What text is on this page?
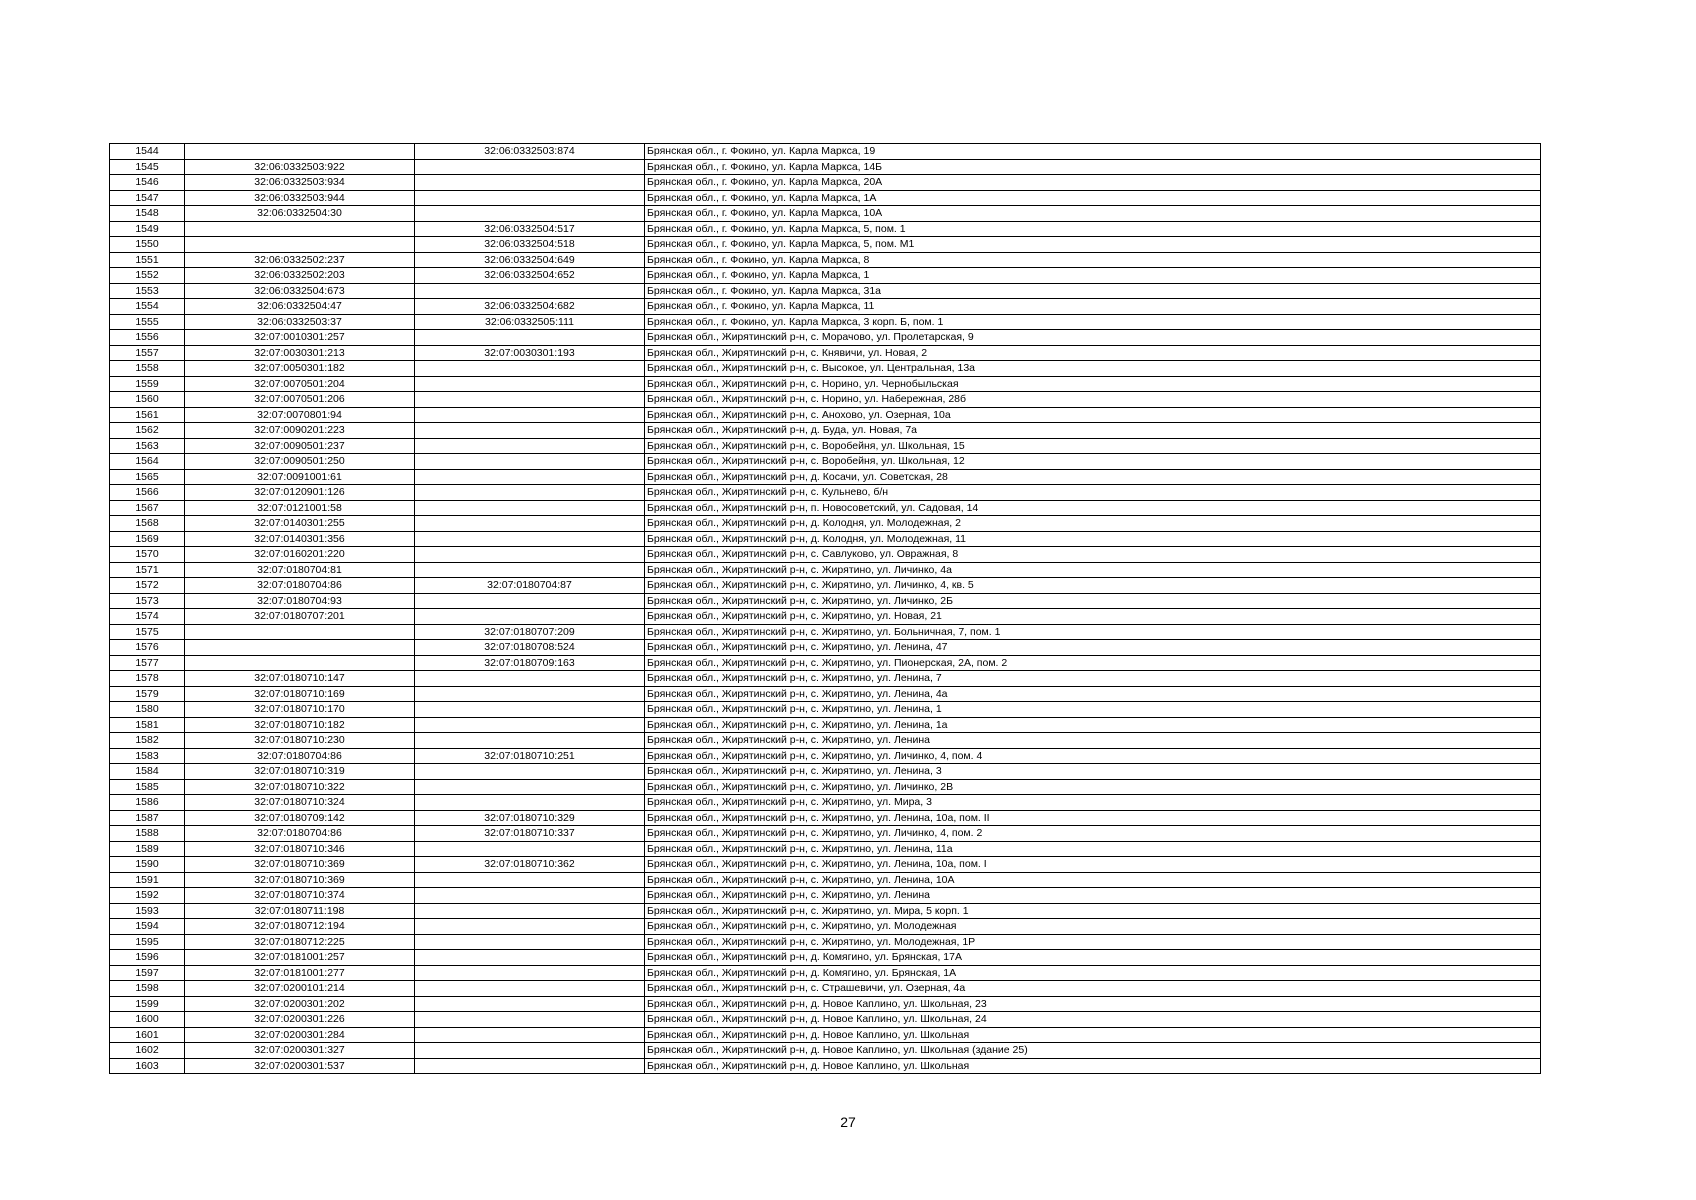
1544		32:06:0332503:874	Брянская обл., г. Фокино, ул. Карла Маркса, 19
1545	32:06:0332503:922		Брянская обл., г. Фокино, ул. Карла Маркса, 14Б
1546	32:06:0332503:934		Брянская обл., г. Фокино, ул. Карла Маркса, 20А
1547	32:06:0332503:944		Брянская обл., г. Фокино, ул. Карла Маркса, 1А
1548	32:06:0332504:30		Брянская обл., г. Фокино, ул. Карла Маркса, 10А
1549		32:06:0332504:517	Брянская обл., г. Фокино, ул. Карла Маркса, 5, пом. 1
1550		32:06:0332504:518	Брянская обл., г. Фокино, ул. Карла Маркса, 5, пом. М1
1551	32:06:0332502:237	32:06:0332504:649	Брянская обл., г. Фокино, ул. Карла Маркса, 8
1552	32:06:0332502:203	32:06:0332504:652	Брянская обл., г. Фокино, ул. Карла Маркса, 1
1553	32:06:0332504:673		Брянская обл., г. Фокино, ул. Карла Маркса, 31а
1554	32:06:0332504:47	32:06:0332504:682	Брянская обл., г. Фокино, ул. Карла Маркса, 11
1555	32:06:0332503:37	32:06:0332505:111	Брянская обл., г. Фокино, ул. Карла Маркса, 3 корп. Б, пом. 1
1556	32:07:0010301:257		Брянская обл., Жирятинский р-н, с. Морачово, ул. Пролетарская, 9
1557	32:07:0030301:213	32:07:0030301:193	Брянская обл., Жирятинский р-н, с. Княвичи, ул. Новая, 2
1558	32:07:0050301:182		Брянская обл., Жирятинский р-н, с. Высокое, ул. Центральная, 13а
1559	32:07:0070501:204		Брянская обл., Жирятинский р-н, с. Норино, ул. Чернобыльская
1560	32:07:0070501:206		Брянская обл., Жирятинский р-н, с. Норино, ул. Набережная, 28б
1561	32:07:0070801:94		Брянская обл., Жирятинский р-н, с. Анохово, ул. Озерная, 10а
1562	32:07:0090201:223		Брянская обл., Жирятинский р-н, д. Буда, ул. Новая, 7а
1563	32:07:0090501:237		Брянская обл., Жирятинский р-н, с. Воробейня, ул. Школьная, 15
1564	32:07:0090501:250		Брянская обл., Жирятинский р-н, с. Воробейня, ул. Школьная, 12
1565	32:07:0091001:61		Брянская обл., Жирятинский р-н, д. Косачи, ул. Советская, 28
1566	32:07:0120901:126		Брянская обл., Жирятинский р-н, с. Кульнево, б/н
1567	32:07:0121001:58		Брянская обл., Жирятинский р-н, п. Новосоветский, ул. Садовая, 14
1568	32:07:0140301:255		Брянская обл., Жирятинский р-н, д. Колодня, ул. Молодежная, 2
1569	32:07:0140301:356		Брянская обл., Жирятинский р-н, д. Колодня, ул. Молодежная, 11
1570	32:07:0160201:220		Брянская обл., Жирятинский р-н, с. Савлуково, ул. Овражная, 8
1571	32:07:0180704:81		Брянская обл., Жирятинский р-н, с. Жирятино, ул. Личинко, 4а
1572	32:07:0180704:86	32:07:0180704:87	Брянская обл., Жирятинский р-н, с. Жирятино, ул. Личинко, 4, кв. 5
1573	32:07:0180704:93		Брянская обл., Жирятинский р-н, с. Жирятино, ул. Личинко, 2Б
1574	32:07:0180707:201		Брянская обл., Жирятинский р-н, с. Жирятино, ул. Новая, 21
1575		32:07:0180707:209	Брянская обл., Жирятинский р-н, с. Жирятино, ул. Больничная, 7, пом. 1
1576		32:07:0180708:524	Брянская обл., Жирятинский р-н, с. Жирятино, ул. Ленина, 47
1577		32:07:0180709:163	Брянская обл., Жирятинский р-н, с. Жирятино, ул. Пионерская, 2А, пом. 2
1578	32:07:0180710:147		Брянская обл., Жирятинский р-н, с. Жирятино, ул. Ленина, 7
1579	32:07:0180710:169		Брянская обл., Жирятинский р-н, с. Жирятино, ул. Ленина, 4а
1580	32:07:0180710:170		Брянская обл., Жирятинский р-н, с. Жирятино, ул. Ленина, 1
1581	32:07:0180710:182		Брянская обл., Жирятинский р-н, с. Жирятино, ул. Ленина, 1а
1582	32:07:0180710:230		Брянская обл., Жирятинский р-н, с. Жирятино, ул. Ленина
1583	32:07:0180704:86	32:07:0180710:251	Брянская обл., Жирятинский р-н, с. Жирятино, ул. Личинко, 4, пом. 4
1584	32:07:0180710:319		Брянская обл., Жирятинский р-н, с. Жирятино, ул. Ленина, 3
1585	32:07:0180710:322		Брянская обл., Жирятинский р-н, с. Жирятино, ул. Личинко, 2В
1586	32:07:0180710:324		Брянская обл., Жирятинский р-н, с. Жирятино, ул. Мира, 3
1587	32:07:0180709:142	32:07:0180710:329	Брянская обл., Жирятинский р-н, с. Жирятино, ул. Ленина, 10а, пом. II
1588	32:07:0180704:86	32:07:0180710:337	Брянская обл., Жирятинский р-н, с. Жирятино, ул. Личинко, 4, пом. 2
1589	32:07:0180710:346		Брянская обл., Жирятинский р-н, с. Жирятино, ул. Ленина, 11а
1590	32:07:0180710:369	32:07:0180710:362	Брянская обл., Жирятинский р-н, с. Жирятино, ул. Ленина, 10а, пом. I
1591	32:07:0180710:369		Брянская обл., Жирятинский р-н, с. Жирятино, ул. Ленина, 10А
1592	32:07:0180710:374		Брянская обл., Жирятинский р-н, с. Жирятино, ул. Ленина
1593	32:07:0180711:198		Брянская обл., Жирятинский р-н, с. Жирятино, ул. Мира, 5 корп. 1
1594	32:07:0180712:194		Брянская обл., Жирятинский р-н, с. Жирятино, ул. Молодежная
1595	32:07:0180712:225		Брянская обл., Жирятинский р-н, с. Жирятино, ул. Молодежная, 1Р
1596	32:07:0181001:257		Брянская обл., Жирятинский р-н, д. Комягино, ул. Брянская, 17А
1597	32:07:0181001:277		Брянская обл., Жирятинский р-н, д. Комягино, ул. Брянская, 1А
1598	32:07:0200101:214		Брянская обл., Жирятинский р-н, с. Страшевичи, ул. Озерная, 4а
1599	32:07:0200301:202		Брянская обл., Жирятинский р-н, д. Новое Каплино, ул. Школьная, 23
1600	32:07:0200301:226		Брянская обл., Жирятинский р-н, д. Новое Каплино, ул. Школьная, 24
1601	32:07:0200301:284		Брянская обл., Жирятинский р-н, д. Новое Каплино, ул. Школьная
1602	32:07:0200301:327		Брянская обл., Жирятинский р-н, д. Новое Каплино, ул. Школьная (здание 25)
1603	32:07:0200301:537		Брянская обл., Жирятинский р-н, д. Новое Каплино, ул. Школьная
27
